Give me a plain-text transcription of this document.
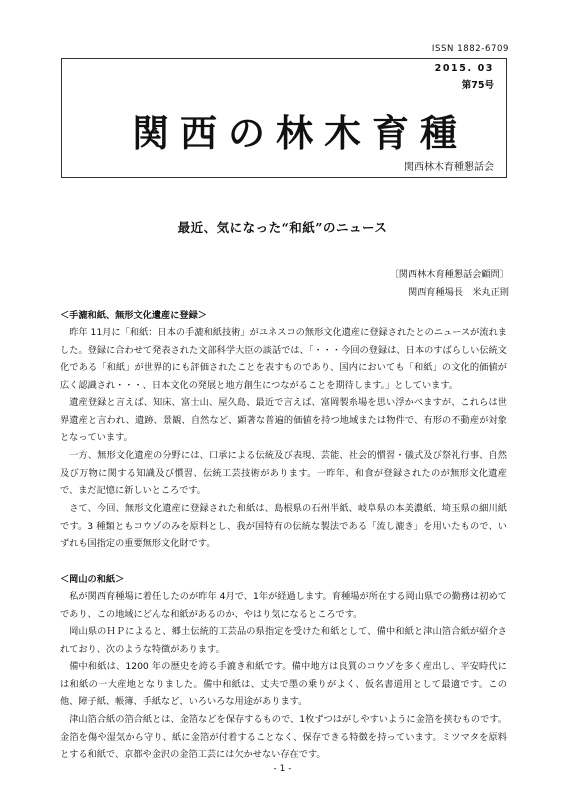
ISSN 1882-6709
2015. 03
第75号
関西の林木育種
関西林木育種懇話会
最近、気になった“和紙”のニュース
〔関西林木育種懇話会顧問〕
関西育種場長　米丸正則
＜手漉和紙、無形文化遺産に登録＞

昨年 11月に「和紙：日本の手漉和紙技術」がユネスコの無形文化遺産に登録されたとのニュースが流れました。登録に合わせて発表された文部科学大臣の談話では、「・・・今回の登録は、日本のすばらしい伝統文化である「和紙」が世界的にも評価されたことを表すものであり、国内においても「和紙」の文化的価値が広く認識され・・・、日本文化の発展と地方創生につながることを期待します。」としています。

遺産登録と言えば、知床、富士山、屋久島、最近で言えば、富岡製糸場を思い浮かべますが、これらは世界遺産と言われ、遺跡、景観、自然など、顕著な普遍的価値を持つ地域または物件で、有形の不動産が対象となっています。

一方、無形文化遺産の分野には、口承による伝統及び表現、芸能、社会的慣習・儀式及び祭礼行事、自然及び万物に関する知識及び慣習、伝統工芸技術があります。一昨年、和食が登録されたのが無形文化遺産で、まだ記憶に新しいところです。

さて、今回、無形文化遺産に登録された和紙は、島根県の石州半紙、岐阜県の本美濃紙、埼玉県の細川紙です。3 種類ともコウゾのみを原料とし、我が国特有の伝統な製法である「流し漉き」を用いたもので、いずれも国指定の重要無形文化財です。

＜岡山の和紙＞

私が関西育種場に着任したのが昨年 4月で、1年が経過します。育種場が所在する岡山県での勤務は初めてであり、この地域にどんな和紙があるのか、やはり気になるところです。

岡山県のＨＰによると、郷土伝統的工芸品の県指定を受けた和紙として、備中和紙と津山箔合紙が紹介されており、次のような特徴があります。

備中和紙は、1200 年の歴史を誇る手漉き和紙です。備中地方は良質のコウゾを多く産出し、平安時代には和紙の一大産地となりました。備中和紙は、丈夫で墨の乗りがよく、仮名書道用として最適です。この他、障子紙、帳簿、手紙など、いろいろな用途があります。

津山箔合紙の箔合紙とは、金箔などを保存するもので、1枚ずつはがしやすいように金箔を挟むものです。金箔を傷や湿気から守り、紙に金箔が付着することなく、保存できる特徴を持っています。ミツマタを原料とする和紙で、京都や金沢の金箔工芸には欠かせない存在です。

- 1 -
